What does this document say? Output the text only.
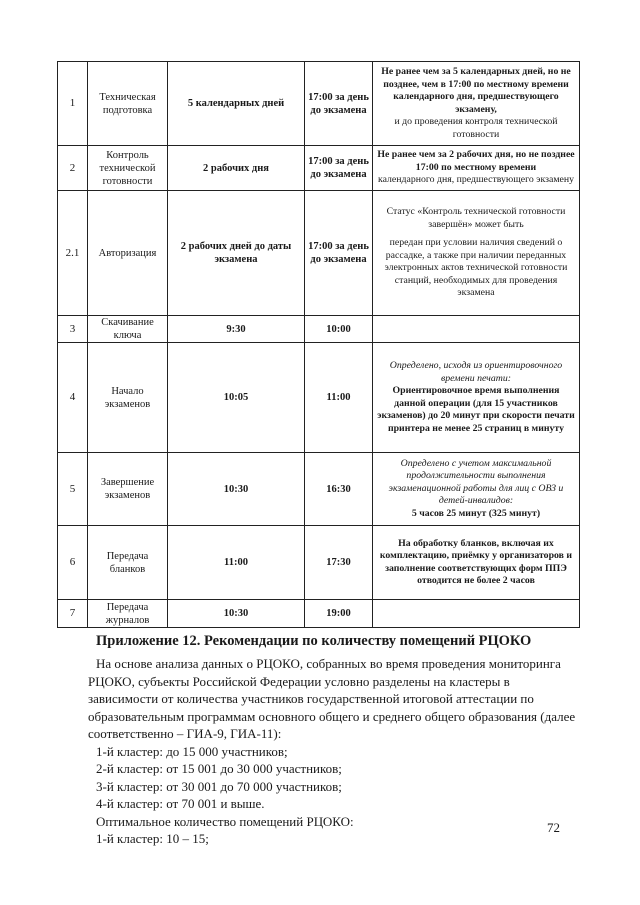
1	Техническая подготовка	5 календарных дней	17:00 за день до экзамена	Не ранее чем за 5 календарных дней, но не позднее, чем в 17:00 по местному времени календарного дня, предшествующего экзамену,

и до проведения контроля технической готовности

2	Контроль технической готовности	2 рабочих дня	17:00 за день до экзамена	Не ранее чем за 2 рабочих дня, но не позднее 17:00 по местному времени

календарного дня, предшествующего экзамену

2.1	Авторизация	2 рабочих дней до даты экзамена	17:00 за день до экзамена	Статус «Контроль технической готовности завершён» может быть

передан при условии наличия сведений о рассадке, а также при наличии переданных электронных актов технической готовности станций, необходимых для проведения экзамена

3	Скачивание ключа	9:30	10:00	
4	Начало экзаменов	10:05	11:00	Определено, исходя из ориентировочного времени печати:

Ориентировочное время выполнения данной операции (для 15 участников экзаменов) до 20 минут при скорости печати принтера не менее 25 страниц в минуту

5	Завершение экзаменов	10:30	16:30	Определено с учетом максимальной продолжительности выполнения экзаменационной работы для лиц с ОВЗ и детей-инвалидов:

5 часов 25 минут (325 минут)

6	Передача бланков	11:00	17:30	На обработку бланков, включая их комплектацию, приёмку у организаторов и заполнение соответствующих форм ППЭ отводится не более 2 часов

7	Передача журналов	10:30	19:00	
Приложение 12. Рекомендации по количеству помещений РЦОКО

На основе анализа данных о РЦОКО, собранных во время проведения мониторинга РЦОКО, субъекты Российской Федерации условно разделены на кластеры в зависимости от количества участников государственной итоговой аттестации по образовательным программам основного общего и среднего общего образования (далее соответственно – ГИА-9, ГИА-11):

1-й кластер: до 15 000 участников;

2-й кластер: от 15 001 до 30 000 участников;

3-й кластер: от 30 001 до 70 000 участников;

4-й кластер: от 70 001 и выше.

Оптимальное количество помещений РЦОКО:

1-й кластер: 10 – 15;

72
